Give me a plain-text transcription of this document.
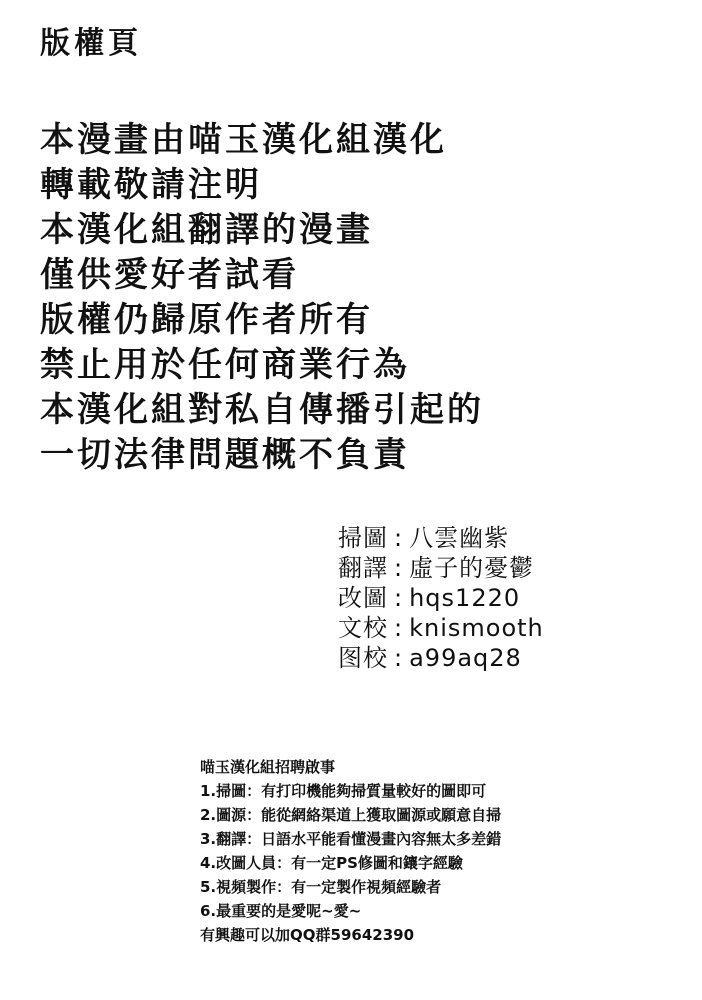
版權頁
本漫畫由喵玉漢化組漢化
轉載敬請注明
本漢化組翻譯的漫畫
僅供愛好者試看
版權仍歸原作者所有
禁止用於任何商業行為
本漢化組對私自傳播引起的
一切法律問題概不負責
掃圖 : 八雲幽紫
翻譯 : 虛子的憂鬱
改圖 : hqs1220
文校 : knismooth
图校 : a99aq28
喵玉漢化組招聘啟事
1.掃圖：有打印機能夠掃質量較好的圖即可
2.圖源：能從網絡渠道上獲取圖源或願意自掃
3.翻譯：日語水平能看懂漫畫內容無太多差錯
4.改圖人員：有一定PS修圖和鑲字經驗
5.視頻製作：有一定製作視頻經驗者
6.最重要的是愛呢~愛~
有興趣可以加QQ群59642390
